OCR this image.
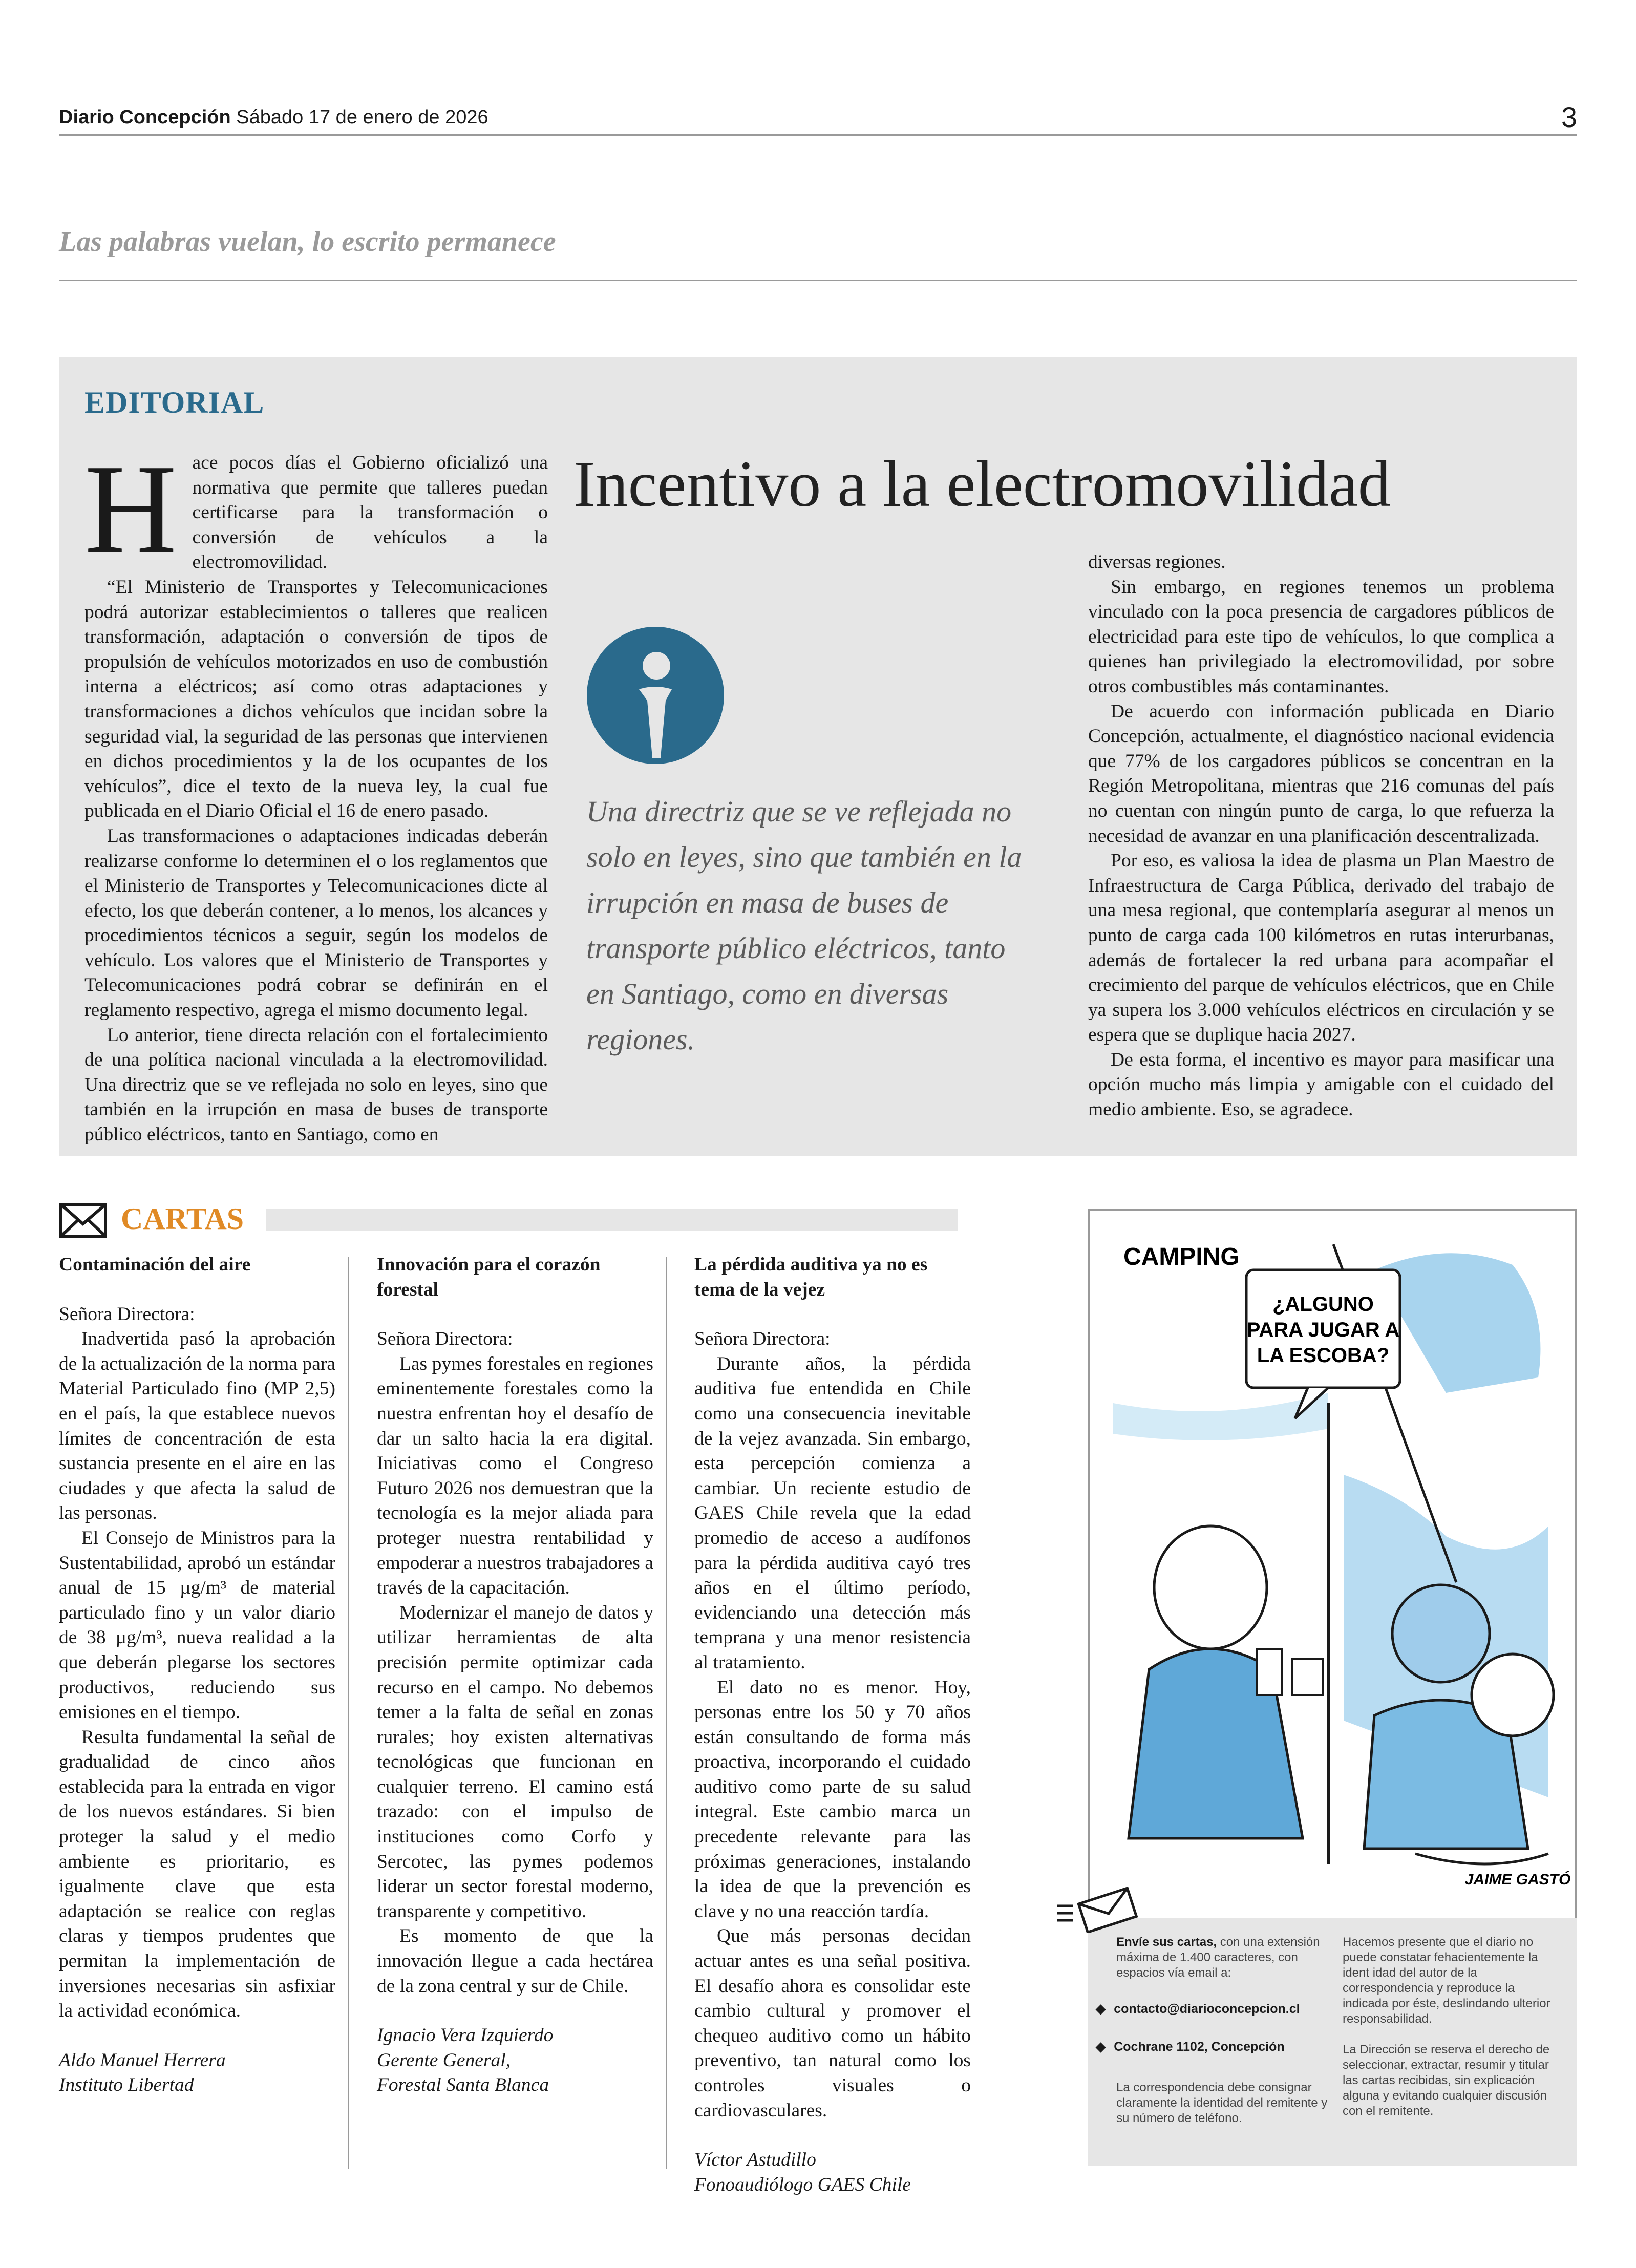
Diario Concepción Sábado 17 de enero de 2026	3
Las palabras vuelan, lo escrito permanece
EDITORIAL
H ace pocos días el Gobierno oficializó una normativa que permite que talleres puedan certificarse para la transformación o conversión de vehículos a la electromovilidad.

“El Ministerio de Transportes y Telecomunicaciones podrá autorizar establecimientos o talleres que realicen transformación, adaptación o conversión de tipos de propulsión de vehículos motorizados en uso de combustión interna a eléctricos; así como otras adaptaciones y transformaciones a dichos vehículos que incidan sobre la seguridad vial, la seguridad de las personas que intervienen en dichos procedimientos y la de los ocupantes de los vehículos”, dice el texto de la nueva ley, la cual fue publicada en el Diario Oficial el 16 de enero pasado.

Las transformaciones o adaptaciones indicadas deberán realizarse conforme lo determinen el o los reglamentos que el Ministerio de Transportes y Telecomunicaciones dicte al efecto, los que deberán contener, a lo menos, los alcances y procedimientos técnicos a seguir, según los modelos de vehículo. Los valores que el Ministerio de Transportes y Telecomunicaciones podrá cobrar se definirán en el reglamento respectivo, agrega el mismo documento legal.

Lo anterior, tiene directa relación con el fortalecimiento de una política nacional vinculada a la electromovilidad. Una directriz que se ve reflejada no solo en leyes, sino que también en la irrupción en masa de buses de transporte público eléctricos, tanto en Santiago, como en

Incentivo a la electromovilidad
Una directriz que se ve reflejada no solo en leyes, sino que también en la irrupción en masa de buses de transporte público eléctricos, tanto en Santiago, como en diversas regiones.

diversas regiones.

Sin embargo, en regiones tenemos un problema vinculado con la poca presencia de cargadores públicos de electricidad para este tipo de vehículos, lo que complica a quienes han privilegiado la electromovilidad, por sobre otros combustibles más contaminantes.

De acuerdo con información publicada en Diario Concepción, actualmente, el diagnóstico nacional evidencia que 77% de los cargadores públicos se concentran en la Región Metropolitana, mientras que 216 comunas del país no cuentan con ningún punto de carga, lo que refuerza la necesidad de avanzar en una planificación descentralizada.

Por eso, es valiosa la idea de plasma un Plan Maestro de Infraestructura de Carga Pública, derivado del trabajo de una mesa regional, que contemplaría asegurar al menos un punto de carga cada 100 kilómetros en rutas interurbanas, además de fortalecer la red urbana para acompañar el crecimiento del parque de vehículos eléctricos, que en Chile ya supera los 3.000 vehículos eléctricos en circulación y se espera que se duplique hacia 2027.

De esta forma, el incentivo es mayor para masificar una opción mucho más limpia y amigable con el cuidado del medio ambiente. Eso, se agradece.

CARTAS
Contaminación del aire

Señora Directora:

Inadvertida pasó la aprobación de la actualización de la norma para Material Particulado fino (MP 2,5) en el país, la que establece nuevos límites de concentración de esta sustancia presente en el aire en las ciudades y que afecta la salud de las personas.

El Consejo de Ministros para la Sustentabilidad, aprobó un estándar anual de 15 µg/m³ de material particulado fino y un valor diario de 38 µg/m³, nueva realidad a la que deberán plegarse los sectores productivos, reduciendo sus emisiones en el tiempo.

Resulta fundamental la señal de gradualidad de cinco años establecida para la entrada en vigor de los nuevos estándares. Si bien proteger la salud y el medio ambiente es prioritario, es igualmente clave que esta adaptación se realice con reglas claras y tiempos prudentes que permitan la implementación de inversiones necesarias sin asfixiar la actividad económica.

Aldo Manuel Herrera
Instituto Libertad
Innovación para el corazón forestal

Señora Directora:

Las pymes forestales en regiones eminentemente forestales como la nuestra enfrentan hoy el desafío de dar un salto hacia la era digital. Iniciativas como el Congreso Futuro 2026 nos demuestran que la tecnología es la mejor aliada para proteger nuestra rentabilidad y empoderar a nuestros trabajadores a través de la capacitación.

Modernizar el manejo de datos y utilizar herramientas de alta precisión permite optimizar cada recurso en el campo. No debemos temer a la falta de señal en zonas rurales; hoy existen alternativas tecnológicas que funcionan en cualquier terreno. El camino está trazado: con el impulso de instituciones como Corfo y Sercotec, las pymes podemos liderar un sector forestal moderno, transparente y competitivo.

Es momento de que la innovación llegue a cada hectárea de la zona central y sur de Chile.

Ignacio Vera Izquierdo
Gerente General,
Forestal Santa Blanca
La pérdida auditiva ya no es tema de la vejez

Señora Directora:

Durante años, la pérdida auditiva fue entendida en Chile como una consecuencia inevitable de la vejez avanzada. Sin embargo, esta percepción comienza a cambiar. Un reciente estudio de GAES Chile revela que la edad promedio de acceso a audífonos para la pérdida auditiva cayó tres años en el último período, evidenciando una detección más temprana y una menor resistencia al tratamiento.

El dato no es menor. Hoy, personas entre los 50 y 70 años están consultando de forma más proactiva, incorporando el cuidado auditivo como parte de su salud integral. Este cambio marca un precedente relevante para las próximas generaciones, instalando la idea de que la prevención es clave y no una reacción tardía.

Que más personas decidan actuar antes es una señal positiva. El desafío ahora es consolidar este cambio cultural y promover el chequeo auditivo como un hábito preventivo, tan natural como los controles visuales o cardiovasculares.

Víctor Astudillo
Fonoaudiólogo GAES Chile
¿ALGUNO
PARA JUGAR A
LA ESCOBA?
CAMPING
JAIME GASTÓ
Envíe sus cartas, con una extensión máxima de 1.400 caracteres, con espacios vía email a:
◆ contacto@diarioconcepcion.cl
◆ Cochrane 1102, Concepción
La correspondencia debe consignar claramente la identidad del remitente y su número de teléfono.
Hacemos presente que el diario no puede constatar fehacientemente la ident idad del autor de la correspondencia y reproduce la indicada por éste, deslindando ulterior responsabilidad.
La Dirección se reserva el derecho de seleccionar, extractar, resumir y titular las cartas recibidas, sin explicación alguna y evitando cualquier discusión con el remitente.
